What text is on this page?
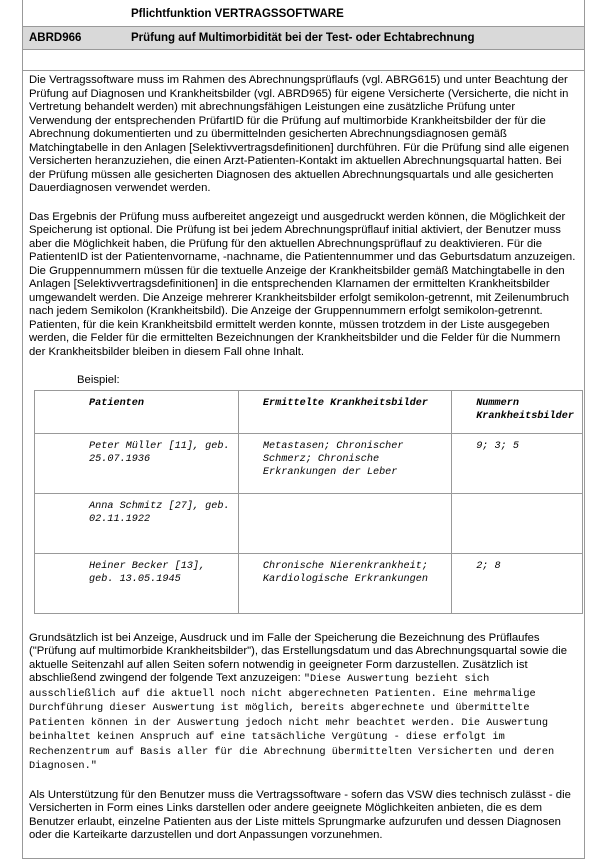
Pflichtfunktion VERTRAGSSOFTWARE
ABRD966	Prüfung auf Multimorbidität bei der Test- oder Echtabrechnung

Die Vertragssoftware muss im Rahmen des Abrechnungsprüflaufs (vgl. ABRG615) und unter Beachtung der Prüfung auf Diagnosen und Krankheitsbilder (vgl. ABRD965) für eigene Versicherte (Versicherte, die nicht in Vertretung behandelt werden) mit abrechnungsfähigen Leistungen eine zusätzliche Prüfung unter Verwendung der entsprechenden PrüfartID für die Prüfung auf multimorbide Krankheitsbilder der für die Abrechnung dokumentierten und zu übermittelnden gesicherten Abrechnungsdiagnosen gemäß Matchingtabelle in den Anlagen [Selektivvertragsdefinitionen] durchführen. Für die Prüfung sind alle eigenen Versicherten heranzuziehen, die einen Arzt-Patienten-Kontakt im aktuellen Abrechnungsquartal hatten. Bei der Prüfung müssen alle gesicherten Diagnosen des aktuellen Abrechnungsquartals und alle gesicherten Dauerdiagnosen verwendet werden.

Das Ergebnis der Prüfung muss aufbereitet angezeigt und ausgedruckt werden können, die Möglichkeit der Speicherung ist optional. Die Prüfung ist bei jedem Abrechnungsprüflauf initial aktiviert, der Benutzer muss aber die Möglichkeit haben, die Prüfung für den aktuellen Abrechnungsprüflauf zu deaktivieren. Für die PatientenID ist der Patientenvorname, -nachname, die Patientennummer und das Geburtsdatum anzuzeigen. Die Gruppennummern müssen für die textuelle Anzeige der Krankheitsbilder gemäß Matchingtabelle in den Anlagen [Selektivvertragsdefinitionen] in die entsprechenden Klarnamen der ermittelten Krankheitsbilder umgewandelt werden. Die Anzeige mehrerer Krankheitsbilder erfolgt semikolon-getrennt, mit Zeilenumbruch nach jedem Semikolon (Krankheitsbild). Die Anzeige der Gruppennummern erfolgt semikolon-getrennt. Patienten, für die kein Krankheitsbild ermittelt werden konnte, müssen trotzdem in der Liste ausgegeben werden, die Felder für die ermittelten Bezeichnungen der Krankheitsbilder und die Felder für die Nummern der Krankheitsbilder bleiben in diesem Fall ohne Inhalt.

Beispiel:
Patienten	Ermittelte Krankheitsbilder	Nummern Krankheitsbilder
Peter Müller [11], geb. 25.07.1936	Metastasen; Chronischer Schmerz; Chronische Erkrankungen der Leber	9; 3; 5
Anna Schmitz [27], geb. 02.11.1922		
Heiner Becker [13], geb. 13.05.1945	Chronische Nierenkrankheit; Kardiologische Erkrankungen	2; 8

Grundsätzlich ist bei Anzeige, Ausdruck und im Falle der Speicherung die Bezeichnung des Prüflaufes ("Prüfung auf multimorbide Krankheitsbilder"), das Erstellungsdatum und das Abrechnungsquartal sowie die aktuelle Seitenzahl auf allen Seiten sofern notwendig in geeigneter Form darzustellen. Zusätzlich ist abschließend zwingend der folgende Text anzuzeigen: "Diese Auswertung bezieht sich ausschließlich auf die aktuell noch nicht abgerechneten Patienten. Eine mehrmalige Durchführung dieser Auswertung ist möglich, bereits abgerechnete und übermittelte Patienten können in der Auswertung jedoch nicht mehr beachtet werden. Die Auswertung beinhaltet keinen Anspruch auf eine tatsächliche Vergütung - diese erfolgt im Rechenzentrum auf Basis aller für die Abrechnung übermittelten Versicherten und deren Diagnosen."

Als Unterstützung für den Benutzer muss die Vertragssoftware - sofern das VSW dies technisch zulässt - die Versicherten in Form eines Links darstellen oder andere geeignete Möglichkeiten anbieten, die es dem Benutzer erlaubt, einzelne Patienten aus der Liste mittels Sprungmarke aufzurufen und dessen Diagnosen oder die Karteikarte darzustellen und dort Anpassungen vorzunehmen.
